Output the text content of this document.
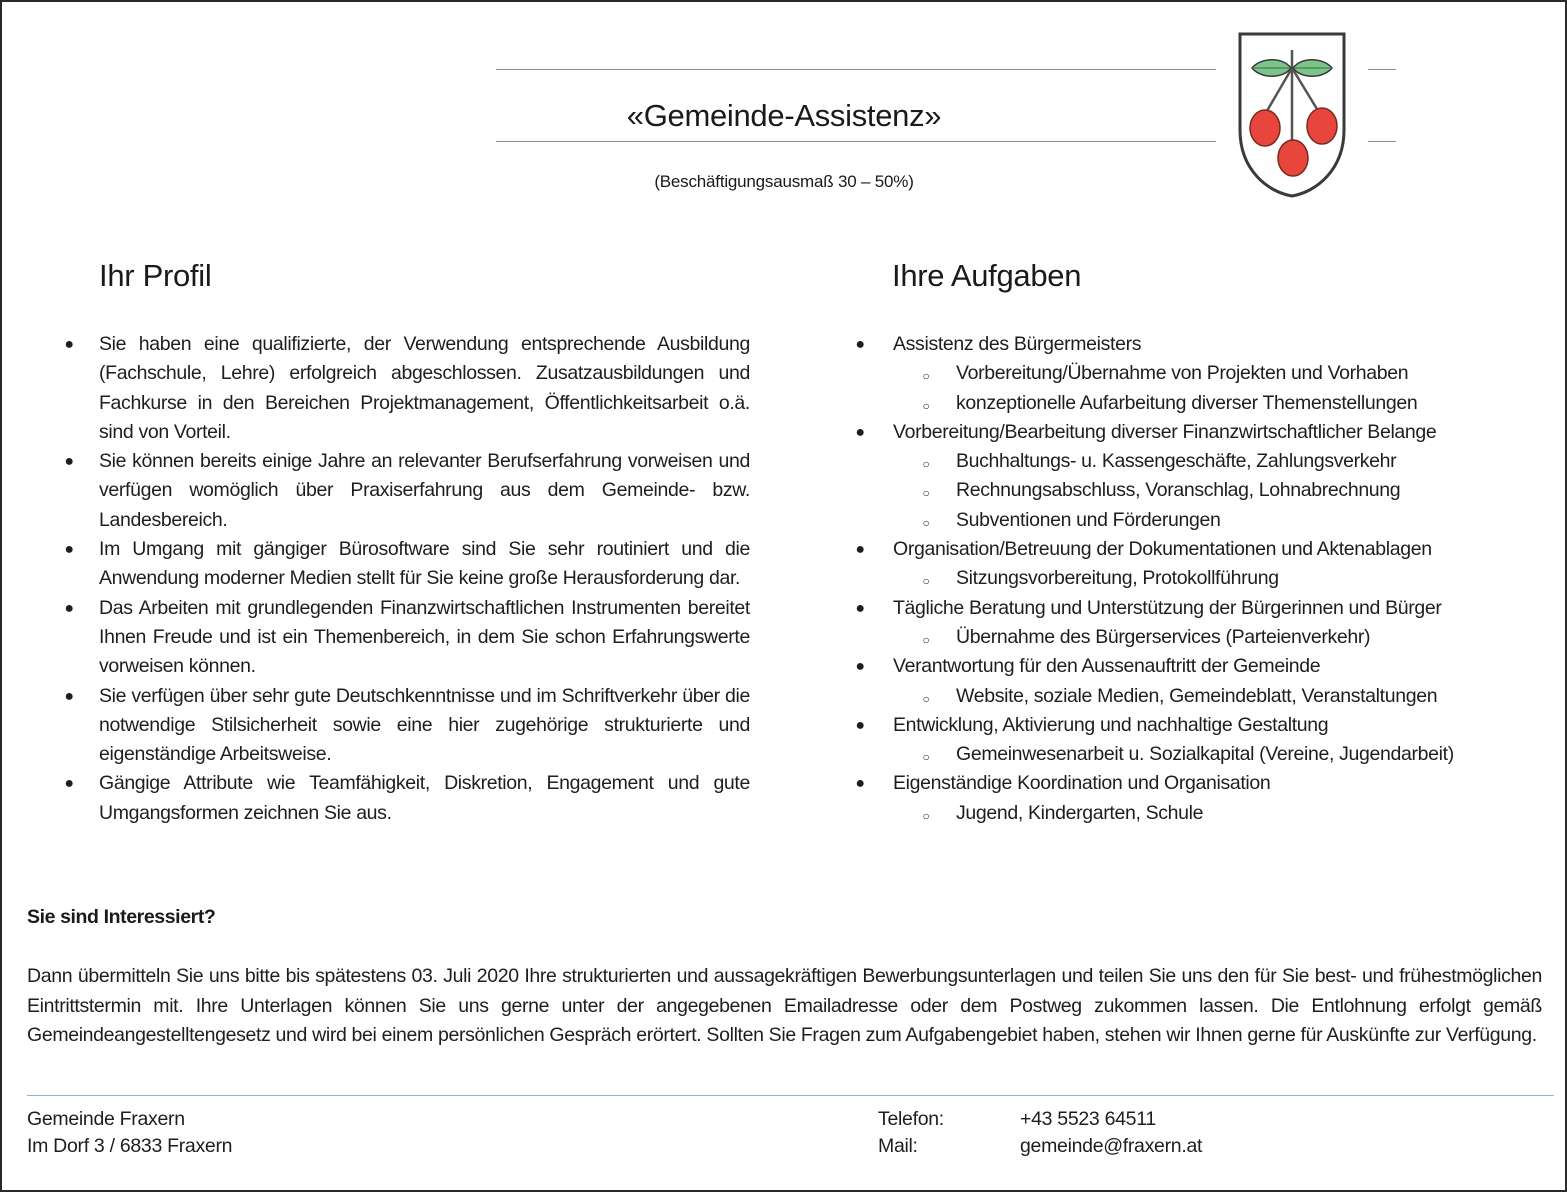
«Gemeinde-Assistenz»
(Beschäftigungsausmaß 30 – 50%)
Ihr Profil
● Sie haben eine qualifizierte, der Verwendung entsprechende Ausbildung (Fachschule, Lehre) erfolgreich abgeschlossen. Zusatzausbildungen und Fachkurse in den Bereichen Projektmanagement, Öffentlichkeitsarbeit o.ä. sind von Vorteil.
● Sie können bereits einige Jahre an relevanter Berufserfahrung vorweisen und verfügen womöglich über Praxiserfahrung aus dem Gemeinde- bzw. Landesbereich.
● Im Umgang mit gängiger Bürosoftware sind Sie sehr routiniert und die Anwendung moderner Medien stellt für Sie keine große Herausforderung dar.
● Das Arbeiten mit grundlegenden Finanzwirtschaftlichen Instrumenten bereitet Ihnen Freude und ist ein Themenbereich, in dem Sie schon Erfahrungswerte vorweisen können.
● Sie verfügen über sehr gute Deutschkenntnisse und im Schriftverkehr über die notwendige Stilsicherheit sowie eine hier zugehörige strukturierte und eigenständige Arbeitsweise.
● Gängige Attribute wie Teamfähigkeit, Diskretion, Engagement und gute Umgangsformen zeichnen Sie aus.
Ihre Aufgaben
● Assistenz des Bürgermeisters
○ Vorbereitung/Übernahme von Projekten und Vorhaben
○ konzeptionelle Aufarbeitung diverser Themenstellungen
● Vorbereitung/Bearbeitung diverser Finanzwirtschaftlicher Belange
○ Buchhaltungs- u. Kassengeschäfte, Zahlungsverkehr
○ Rechnungsabschluss, Voranschlag, Lohnabrechnung
○ Subventionen und Förderungen
● Organisation/Betreuung der Dokumentationen und Aktenablagen
○ Sitzungsvorbereitung, Protokollführung
● Tägliche Beratung und Unterstützung der Bürgerinnen und Bürger
○ Übernahme des Bürgerservices (Parteienverkehr)
● Verantwortung für den Aussenauftritt der Gemeinde
○ Website, soziale Medien, Gemeindeblatt, Veranstaltungen
● Entwicklung, Aktivierung und nachhaltige Gestaltung
○ Gemeinwesenarbeit u. Sozialkapital (Vereine, Jugendarbeit)
● Eigenständige Koordination und Organisation
○ Jugend, Kindergarten, Schule
Sie sind Interessiert?

Dann übermitteln Sie uns bitte bis spätestens 03. Juli 2020 Ihre strukturierten und aussagekräftigen Bewerbungsunterlagen und teilen Sie uns den für Sie best- und frühestmöglichen Eintrittstermin mit. Ihre Unterlagen können Sie uns gerne unter der angegebenen Emailadresse oder dem Postweg zukommen lassen. Die Entlohnung erfolgt gemäß Gemeindeangestelltengesetz und wird bei einem persönlichen Gespräch erörtert. Sollten Sie Fragen zum Aufgabengebiet haben, stehen wir Ihnen gerne für Auskünfte zur Verfügung.

Gemeinde Fraxern
Im Dorf 3 / 6833 Fraxern
Telefon:	+43 5523 64511
Mail:	gemeinde@fraxern.at
